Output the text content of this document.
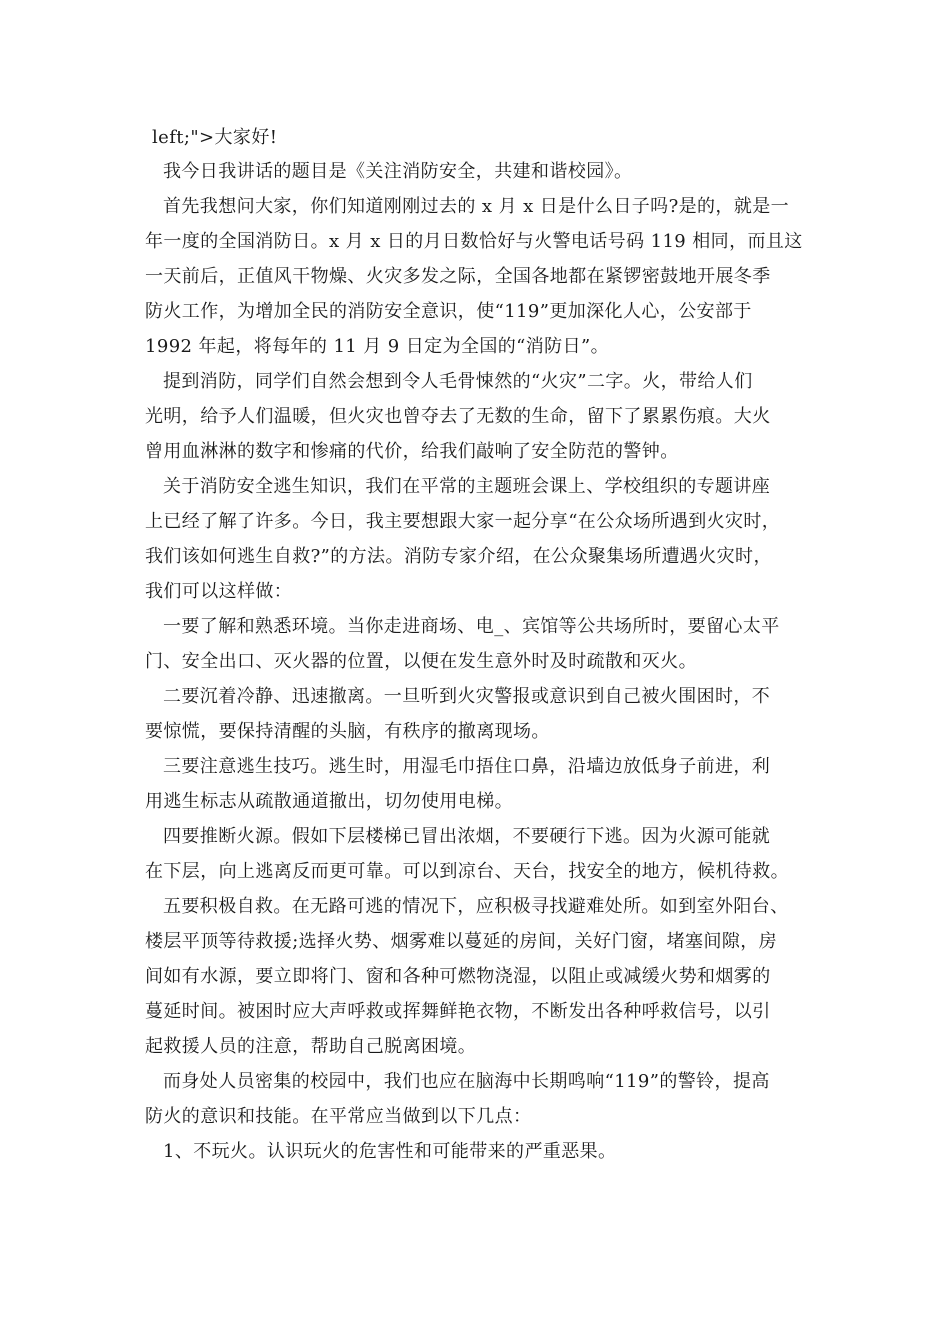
left;">大家好!
我今日我讲话的题目是《关注消防安全，共建和谐校园》。
首先我想问大家，你们知道刚刚过去的 x 月 x 日是什么日子吗?是的，就是一
年一度的全国消防日。x 月 x 日的月日数恰好与火警电话号码 119 相同，而且这
一天前后，正值风干物燥、火灾多发之际，全国各地都在紧锣密鼓地开展冬季
防火工作，为增加全民的消防安全意识，使“119”更加深化人心，公安部于
1992 年起，将每年的 11 月 9 日定为全国的“消防日”。
提到消防，同学们自然会想到令人毛骨悚然的“火灾”二字。火，带给人们
光明，给予人们温暖，但火灾也曾夺去了无数的生命，留下了累累伤痕。大火
曾用血淋淋的数字和惨痛的代价，给我们敲响了安全防范的警钟。
关于消防安全逃生知识，我们在平常的主题班会课上、学校组织的专题讲座
上已经了解了许多。今日，我主要想跟大家一起分享“在公众场所遇到火灾时，
我们该如何逃生自救?”的方法。消防专家介绍，在公众聚集场所遭遇火灾时，
我们可以这样做：
一要了解和熟悉环境。当你走进商场、电_、宾馆等公共场所时，要留心太平
门、安全出口、灭火器的位置，以便在发生意外时及时疏散和灭火。
二要沉着冷静、迅速撤离。一旦听到火灾警报或意识到自己被火围困时，不
要惊慌，要保持清醒的头脑，有秩序的撤离现场。
三要注意逃生技巧。逃生时，用湿毛巾捂住口鼻，沿墙边放低身子前进，利
用逃生标志从疏散通道撤出，切勿使用电梯。
四要推断火源。假如下层楼梯已冒出浓烟，不要硬行下逃。因为火源可能就
在下层，向上逃离反而更可靠。可以到凉台、天台，找安全的地方，候机待救。
五要积极自救。在无路可逃的情况下，应积极寻找避难处所。如到室外阳台、
楼层平顶等待救援;选择火势、烟雾难以蔓延的房间，关好门窗，堵塞间隙，房
间如有水源，要立即将门、窗和各种可燃物浇湿，以阻止或减缓火势和烟雾的
蔓延时间。被困时应大声呼救或挥舞鲜艳衣物，不断发出各种呼救信号，以引
起救援人员的注意，帮助自己脱离困境。
而身处人员密集的校园中，我们也应在脑海中长期鸣响“119”的警铃，提高
防火的意识和技能。在平常应当做到以下几点：
1、不玩火。认识玩火的危害性和可能带来的严重恶果。
